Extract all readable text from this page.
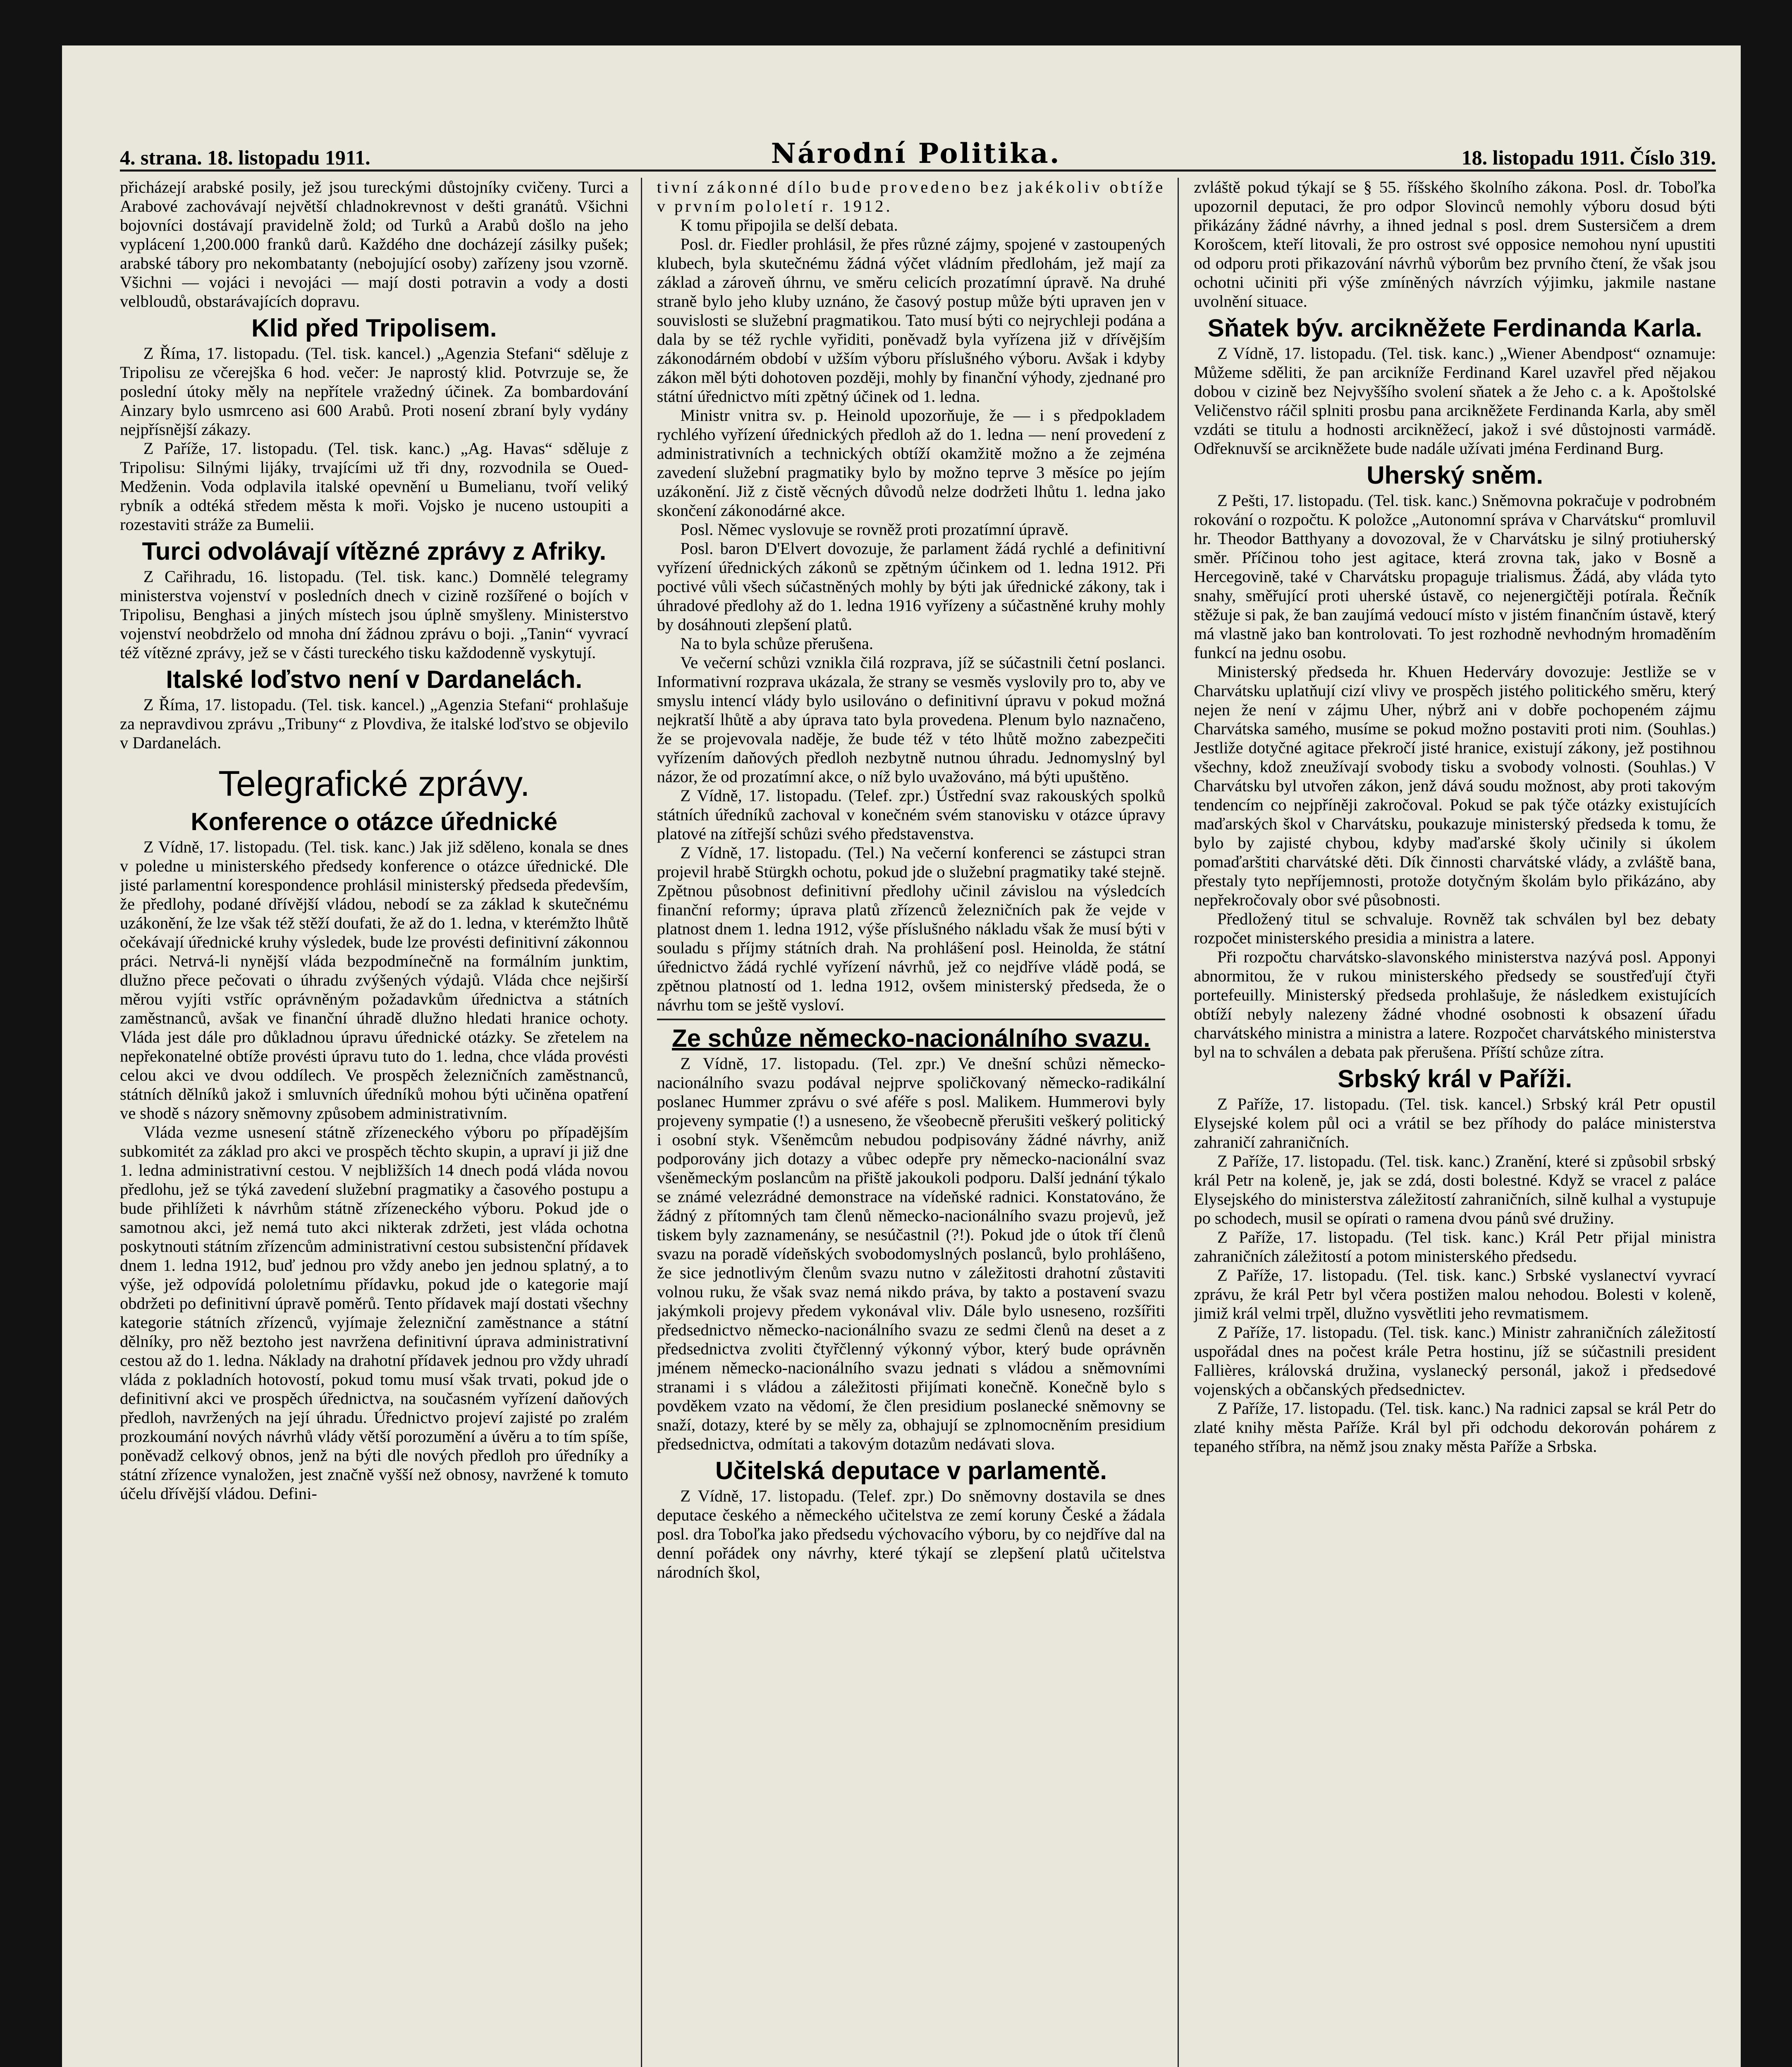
4. strana. 18. listopadu 1911.	Národní Politika.	18. listopadu 1911. Číslo 319.

přicházejí arabské posily, jež jsou tureckými důstojníky cvičeny. Turci a Arabové zachovávají největší chladnokrevnost v dešti granátů. Všichni bojovníci dostávají pravidelně žold; od Turků a Arabů došlo na jeho vyplácení 1,200.000 franků darů. Každého dne docházejí zásilky pušek; arabské tábory pro nekombatanty (nebojující osoby) zařízeny jsou vzorně. Všichni — vojáci i nevojáci — mají dosti potravin a vody a dosti velbloudů, obstarávajících dopravu.

Klid před Tripolisem.

Z Říma, 17. listopadu. (Tel. tisk. kancel.) „Agenzia Stefani“ sděluje z Tripolisu ze včerejška 6 hod. večer: Je naprostý klid. Potvrzuje se, že poslední útoky měly na nepřítele vražedný účinek. Za bombardování Ainzary bylo usmrceno asi 600 Arabů. Proti nosení zbraní byly vydány nejpřísnější zákazy.

Z Paříže, 17. listopadu. (Tel. tisk. kanc.) „Ag. Havas“ sděluje z Tripolisu: Silnými lijáky, trvajícími už tři dny, rozvodnila se Oued-Medženin. Voda odplavila italské opevnění u Bumelianu, tvoří veliký rybník a odtéká středem města k moři. Vojsko je nuceno ustoupiti a rozestaviti stráže za Bumelii.

Turci odvolávají vítězné zprávy z Afriky.

Z Cařihradu, 16. listopadu. (Tel. tisk. kanc.) Domnělé telegramy ministerstva vojenství v posledních dnech v cizině rozšířené o bojích v Tripolisu, Benghasi a jiných místech jsou úplně smyšleny. Ministerstvo vojenství neobdrželo od mnoha dní žádnou zprávu o boji. „Tanin“ vyvrací též vítězné zprávy, jež se v části tureckého tisku každodenně vyskytují.

Italské loďstvo není v Dardanelách.

Z Říma, 17. listopadu. (Tel. tisk. kancel.) „Agenzia Stefani“ prohlašuje za nepravdivou zprávu „Tribuny“ z Plovdiva, že italské loďstvo se objevilo v Dardanelách.

Telegrafické zprávy.
Konference o otázce úřednické

Z Vídně, 17. listopadu. (Tel. tisk. kanc.) Jak již sděleno, konala se dnes v poledne u ministerského předsedy konference o otázce úřednické. Dle jisté parlamentní korespondence prohlásil ministerský předseda především, že předlohy, podané dřívější vládou, nebodí se za základ k skutečnému uzákonění, že lze však též stěží doufati, že až do 1. ledna, v kterémžto lhůtě očekávají úřednické kruhy výsledek, bude lze provésti definitivní zákonnou práci. Netrvá-li nynější vláda bezpodmínečně na formálním junktim, dlužno přece pečovati o úhradu zvýšených výdajů. Vláda chce nejširší měrou vyjíti vstříc oprávněným požadavkům úřednictva a státních zaměstnanců, avšak ve finanční úhradě dlužno hledati hranice ochoty. Vláda jest dále pro důkladnou úpravu úřednické otázky. Se zřetelem na nepřekonatelné obtíže provésti úpravu tuto do 1. ledna, chce vláda provésti celou akci ve dvou oddílech. Ve prospěch železničních zaměstnanců, státních dělníků jakož i smluvních úředníků mohou býti učiněna opatření ve shodě s názory sněmovny způsobem administrativním.

Vláda vezme usnesení státně zřízeneckého výboru po případějším subkomitét za základ pro akci ve prospěch těchto skupin, a upraví ji již dne 1. ledna administrativní cestou. V nejbližších 14 dnech podá vláda novou předlohu, jež se týká zavedení služební pragmatiky a časového postupu a bude přihlížeti k návrhům státně zřízeneckého výboru. Pokud jde o samotnou akci, jež nemá tuto akci nikterak zdržeti, jest vláda ochotna poskytnouti státním zřízencům administrativní cestou subsistenční přídavek dnem 1. ledna 1912, buď jednou pro vždy anebo jen jednou splatný, a to výše, jež odpovídá pololetnímu přídavku, pokud jde o kategorie mají obdržeti po definitivní úpravě poměrů. Tento přídavek mají dostati všechny kategorie státních zřízenců, vyjímaje železniční zaměstnance a státní dělníky, pro něž beztoho jest navržena definitivní úprava administrativní cestou až do 1. ledna. Náklady na drahotní přídavek jednou pro vždy uhradí vláda z pokladních hotovostí, pokud tomu musí však trvati, pokud jde o definitivní akci ve prospěch úřednictva, na současném vyřízení daňových předloh, navržených na její úhradu. Úřednictvo projeví zajisté po zralém prozkoumání nových návrhů vlády větší porozumění a úvěru a to tím spíše, poněvadž celkový obnos, jenž na býti dle nových předloh pro úředníky a státní zřízence vynaložen, jest značně vyšší než obnosy, navržené k tomuto účelu dřívější vládou. Defini-

tivní zákonné dílo bude provedeno bez jakékoliv obtíže v prvním pololetí r. 1912.

K tomu připojila se delší debata.

Posl. dr. Fiedler prohlásil, že přes různé zájmy, spojené v zastoupených klubech, byla skutečnému žádná výčet vládním předlohám, jež mají za základ a zároveň úhrnu, ve směru celicích prozatímní úpravě. Na druhé straně bylo jeho kluby uznáno, že časový postup může býti upraven jen v souvislosti se služební pragmatikou. Tato musí býti co nejrychleji podána a dala by se též rychle vyřiditi, poněvadž byla vyřízena již v dřívějším zákonodárném období v užším výboru příslušného výboru. Avšak i kdyby zákon měl býti dohotoven později, mohly by finanční výhody, zjednané pro státní úřednictvo míti zpětný účinek od 1. ledna.

Ministr vnitra sv. p. Heinold upozorňuje, že — i s předpokladem rychlého vyřízení úřednických předloh až do 1. ledna — není provedení z administrativních a technických obtíží okamžitě možno a že zejména zavedení služební pragmatiky bylo by možno teprve 3 měsíce po jejím uzákonění. Již z čistě věcných důvodů nelze dodržeti lhůtu 1. ledna jako skončení zákonodárné akce.

Posl. Němec vyslovuje se rovněž proti prozatímní úpravě.

Posl. baron D'Elvert dovozuje, že parlament žádá rychlé a definitivní vyřízení úřednických zákonů se zpětným účinkem od 1. ledna 1912. Při poctivé vůli všech súčastněných mohly by býti jak úřednické zákony, tak i úhradové předlohy až do 1. ledna 1916 vyřízeny a súčastněné kruhy mohly by dosáhnouti zlepšení platů.

Na to byla schůze přerušena.

Ve večerní schůzi vznikla čilá rozprava, jíž se súčastnili četní poslanci. Informativní rozprava ukázala, že strany se vesměs vyslovily pro to, aby ve smyslu intencí vlády bylo usilováno o definitivní úpravu v pokud možná nejkratší lhůtě a aby úprava tato byla provedena. Plenum bylo naznačeno, že se projevovala naděje, že bude též v této lhůtě možno zabezpečiti vyřízením daňových předloh nezbytně nutnou úhradu. Jednomyslný byl názor, že od prozatímní akce, o níž bylo uvažováno, má býti upuštěno.

Z Vídně, 17. listopadu. (Telef. zpr.) Ústřední svaz rakouských spolků státních úředníků zachoval v konečném svém stanovisku v otázce úpravy platové na zítřejší schůzi svého představenstva.

Z Vídně, 17. listopadu. (Tel.) Na večerní konferenci se zástupci stran projevil hrabě Stürgkh ochotu, pokud jde o služební pragmatiky také stejně. Zpětnou působnost definitivní předlohy učinil závislou na výsledcích finanční reformy; úprava platů zřízenců železničních pak že vejde v platnost dnem 1. ledna 1912, výše příslušného nákladu však že musí býti v souladu s příjmy státních drah. Na prohlášení posl. Heinolda, že státní úřednictvo žádá rychlé vyřízení návrhů, jež co nejdříve vládě podá, se zpětnou platností od 1. ledna 1912, ovšem ministerský předseda, že o návrhu tom se ještě vysloví.

Ze schůze německo-nacionálního svazu.

Z Vídně, 17. listopadu. (Tel. zpr.) Ve dnešní schůzi německo-nacionálního svazu podával nejprve spoličkovaný německo-radikální poslanec Hummer zprávu o své aféře s posl. Malikem. Hummerovi byly projeveny sympatie (!) a usneseno, že všeobecně přerušiti veškerý politický i osobní styk. Všeněmcům nebudou podpisovány žádné návrhy, aniž podporovány jich dotazy a vůbec odepře pry německo-nacionální svaz všeněmeckým poslancům na přiště jakoukoli podporu. Další jednání týkalo se známé velezrádné demonstrace na vídeňské radnici. Konstatováno, že žádný z přítomných tam členů německo-nacionálního svazu projevů, jež tiskem byly zaznamenány, se nesúčastnil (?!). Pokud jde o útok tří členů svazu na poradě vídeňských svobodomyslných poslanců, bylo prohlášeno, že sice jednotlivým členům svazu nutno v záležitosti drahotní zůstaviti volnou ruku, že však svaz nemá nikdo práva, by takto a postavení svazu jakýmkoli projevy předem vykonával vliv. Dále bylo usneseno, rozšířiti předsednictvo německo-nacionálního svazu ze sedmi členů na deset a z předsednictva zvoliti čtyřčlenný výkonný výbor, který bude oprávněn jménem německo-nacionálního svazu jednati s vládou a sněmovními stranami i s vládou a záležitosti přijímati konečně. Konečně bylo s povděkem vzato na vědomí, že člen presidium poslanecké sněmovny se snaží, dotazy, které by se měly za, obhajují se zplnomocněním presidium předsednictva, odmítati a takovým dotazům nedávati slova.

Učitelská deputace v parlamentě.

Z Vídně, 17. listopadu. (Telef. zpr.) Do sněmovny dostavila se dnes deputace českého a německého učitelstva ze zemí koruny České a žádala posl. dra Toboľka jako předsedu výchovacího výboru, by co nejdříve dal na denní pořádek ony návrhy, které týkají se zlepšení platů učitelstva národních škol,

zvláště pokud týkají se § 55. říšského školního zákona. Posl. dr. Toboľka upozornil deputaci, že pro odpor Slovinců nemohly výboru dosud býti přikázány žádné návrhy, a ihned jednal s posl. drem Sustersičem a drem Korošcem, kteří litovali, že pro ostrost své opposice nemohou nyní upustiti od odporu proti přikazování návrhů výborům bez prvního čtení, že však jsou ochotni učiniti při výše zmíněných návrzích výjimku, jakmile nastane uvolnění situace.

Sňatek býv. arcikněžete Ferdinanda Karla.

Z Vídně, 17. listopadu. (Tel. tisk. kanc.) „Wiener Abendpost“ oznamuje: Můžeme sděliti, že pan arcikníže Ferdinand Karel uzavřel před nějakou dobou v cizině bez Nejvyššího svolení sňatek a že Jeho c. a k. Apoštolské Veličenstvo ráčil splniti prosbu pana arcikněžete Ferdinanda Karla, aby směl vzdáti se titulu a hodnosti arcikněžecí, jakož i své důstojnosti varmádě. Odřeknuvší se arcikněžete bude nadále užívati jména Ferdinand Burg.

Uherský sněm.

Z Pešti, 17. listopadu. (Tel. tisk. kanc.) Sněmovna pokračuje v podrobném rokování o rozpočtu. K položce „Autonomní správa v Charvátsku“ promluvil hr. Theodor Batthyany a dovozoval, že v Charvátsku je silný protiuherský směr. Příčinou toho jest agitace, která zrovna tak, jako v Bosně a Hercegovině, také v Charvátsku propaguje trialismus. Žádá, aby vláda tyto snahy, směřující proti uherské ústavě, co nejenergičtěji potírala. Řečník stěžuje si pak, že ban zaujímá vedoucí místo v jistém finančním ústavě, který má vlastně jako ban kontrolovati. To jest rozhodně nevhodným hromaděním funkcí na jednu osobu.

Ministerský předseda hr. Khuen Hederváry dovozuje: Jestliže se v Charvátsku uplatňují cizí vlivy ve prospěch jistého politického směru, který nejen že není v zájmu Uher, nýbrž ani v dobře pochopeném zájmu Charvátska samého, musíme se pokud možno postaviti proti nim. (Souhlas.) Jestliže dotyčné agitace překročí jisté hranice, existují zákony, jež postihnou všechny, kdož zneužívají svobody tisku a svobody volnosti. (Souhlas.) V Charvátsku byl utvořen zákon, jenž dává soudu možnost, aby proti takovým tendencím co nejpříněji zakročoval. Pokud se pak týče otázky existujících maďarských škol v Charvátsku, poukazuje ministerský předseda k tomu, že bylo by zajisté chybou, kdyby maďarské školy učinily si úkolem pomaďarštiti charvátské děti. Dík činnosti charvátské vlády, a zvláště bana, přestaly tyto nepříjemnosti, protože dotyčným školám bylo přikázáno, aby nepřekročovaly obor své působnosti.

Předložený titul se schvaluje. Rovněž tak schválen byl bez debaty rozpočet ministerského presidia a ministra a latere.

Při rozpočtu charvátsko-slavonského ministerstva nazývá posl. Apponyi abnormitou, že v rukou ministerského předsedy se soustřeďují čtyři portefeuilly. Ministerský předseda prohlašuje, že následkem existujících obtíží nebyly nalezeny žádné vhodné osobnosti k obsazení úřadu charvátského ministra a ministra a latere. Rozpočet charvátského ministerstva byl na to schválen a debata pak přerušena. Příští schůze zítra.

Srbský král v Paříži.

Z Paříže, 17. listopadu. (Tel. tisk. kancel.) Srbský král Petr opustil Elysejské kolem půl oci a vrátil se bez příhody do paláce ministerstva zahraničí zahraničních.

Z Paříže, 17. listopadu. (Tel. tisk. kanc.) Zranění, které si způsobil srbský král Petr na koleně, je, jak se zdá, dosti bolestné. Když se vracel z paláce Elysejského do ministerstva záležitostí zahraničních, silně kulhal a vystupuje po schodech, musil se opírati o ramena dvou pánů své družiny.

Z Paříže, 17. listopadu. (Tel tisk. kanc.) Král Petr přijal ministra zahraničních záležitostí a potom ministerského předsedu.

Z Paříže, 17. listopadu. (Tel. tisk. kanc.) Srbské vyslanectví vyvrací zprávu, že král Petr byl včera postižen malou nehodou. Bolesti v koleně, jimiž král velmi trpěl, dlužno vysvětliti jeho revmatismem.

Z Paříže, 17. listopadu. (Tel. tisk. kanc.) Ministr zahraničních záležitostí uspořádal dnes na počest krále Petra hostinu, jíž se súčastnili president Fallières, královská družina, vyslanecký personál, jakož i předsedové vojenských a občanských předsednictev.

Z Paříže, 17. listopadu. (Tel. tisk. kanc.) Na radnici zapsal se král Petr do zlaté knihy města Paříže. Král byl při odchodu dekorován pohárem z tepaného stříbra, na němž jsou znaky města Paříže a Srbska.
